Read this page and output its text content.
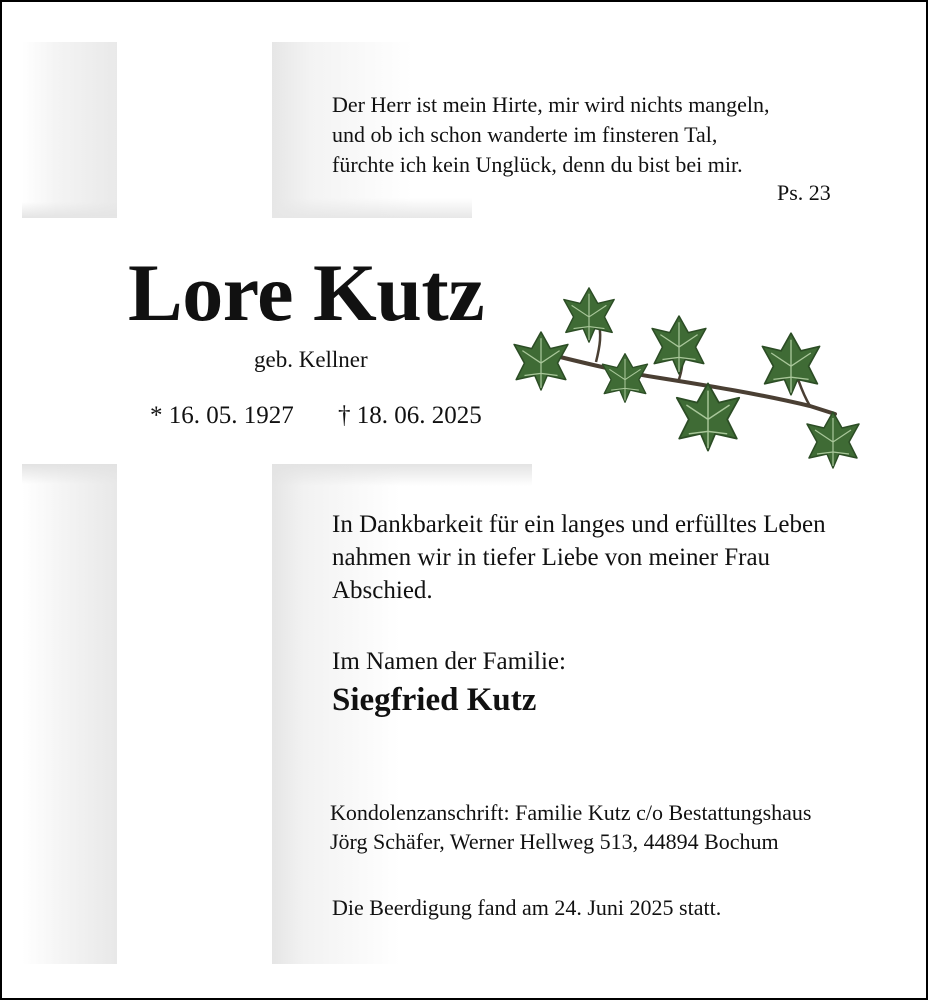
Der Herr ist mein Hirte, mir wird nichts mangeln,
und ob ich schon wanderte im finsteren Tal,
fürchte ich kein Unglück, denn du bist bei mir.
Ps. 23
Lore Kutz
geb. Kellner
* 16. 05. 1927 † 18. 06. 2025
In Dankbarkeit für ein langes und erfülltes Leben
nahmen wir in tiefer Liebe von meiner Frau
Abschied.
Im Namen der Familie:
Siegfried Kutz
Kondolenzanschrift: Familie Kutz c/o Bestattungshaus
Jörg Schäfer, Werner Hellweg 513, 44894 Bochum
Die Beerdigung fand am 24. Juni 2025 statt.
